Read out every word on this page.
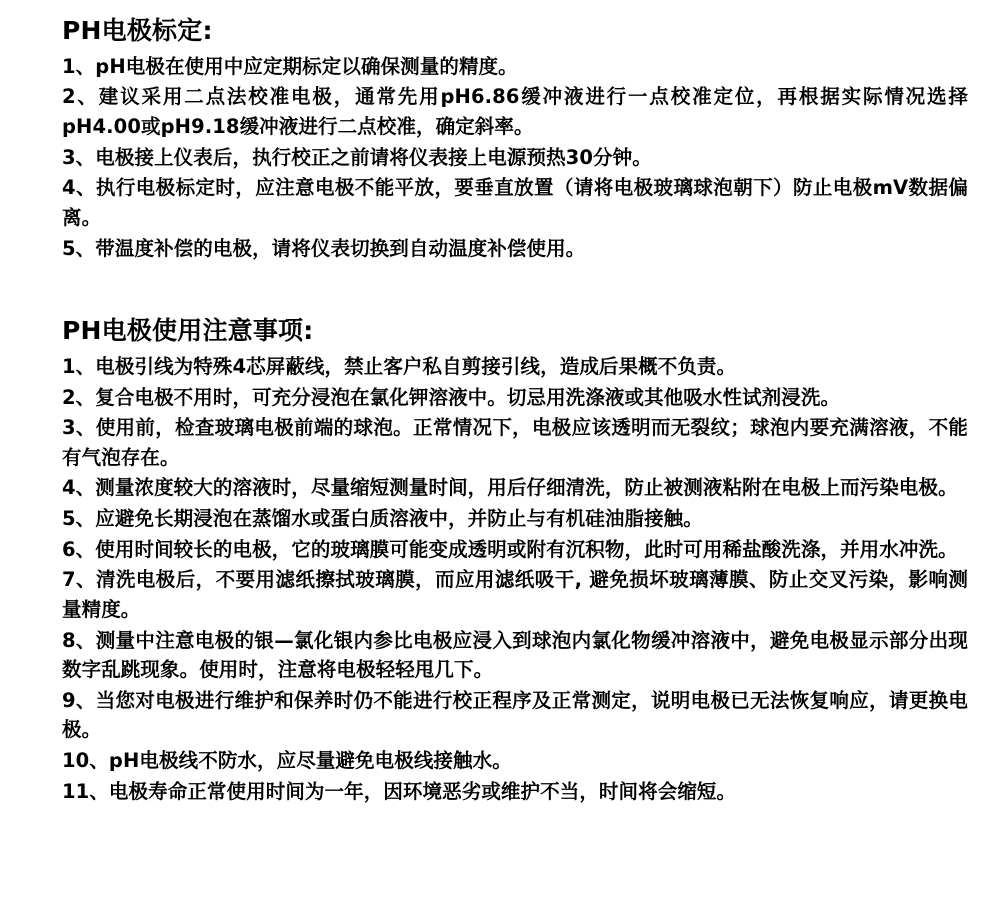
PH电极标定:

1、pH电极在使用中应定期标定以确保测量的精度。

2、建议采用二点法校准电极，通常先用pH6.86缓冲液进行一点校准定位，再根据实际情况选择pH4.00或pH9.18缓冲液进行二点校准，确定斜率。

3、电极接上仪表后，执行校正之前请将仪表接上电源预热30分钟。

4、执行电极标定时，应注意电极不能平放，要垂直放置（请将电极玻璃球泡朝下）防止电极mV数据偏离。

5、带温度补偿的电极，请将仪表切换到自动温度补偿使用。

PH电极使用注意事项:

1、电极引线为特殊4芯屏蔽线，禁止客户私自剪接引线，造成后果概不负责。

2、复合电极不用时，可充分浸泡在氯化钾溶液中。切忌用洗涤液或其他吸水性试剂浸洗。

3、使用前，检查玻璃电极前端的球泡。正常情况下，电极应该透明而无裂纹；球泡内要充满溶液，不能有气泡存在。

4、测量浓度较大的溶液时，尽量缩短测量时间，用后仔细清洗，防止被测液粘附在电极上而污染电极。

5、应避免长期浸泡在蒸馏水或蛋白质溶液中，并防止与有机硅油脂接触。

6、使用时间较长的电极，它的玻璃膜可能变成透明或附有沉积物，此时可用稀盐酸洗涤，并用水冲洗。

7、清洗电极后，不要用滤纸擦拭玻璃膜，而应用滤纸吸干, 避免损坏玻璃薄膜、防止交叉污染，影响测量精度。

8、测量中注意电极的银—氯化银内参比电极应浸入到球泡内氯化物缓冲溶液中，避免电极显示部分出现数字乱跳现象。使用时，注意将电极轻轻甩几下。

9、当您对电极进行维护和保养时仍不能进行校正程序及正常测定，说明电极已无法恢复响应，请更换电极。

10、pH电极线不防水，应尽量避免电极线接触水。

11、电极寿命正常使用时间为一年，因环境恶劣或维护不当，时间将会缩短。
